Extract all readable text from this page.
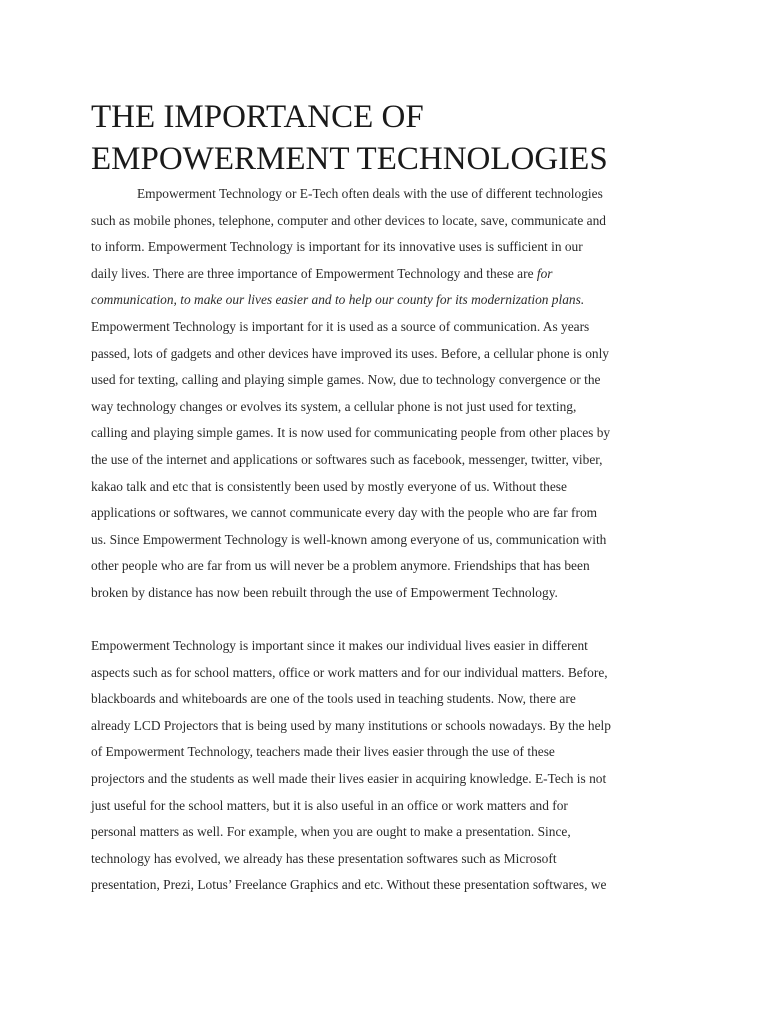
THE IMPORTANCE OF
EMPOWERMENT TECHNOLOGIES
Empowerment Technology or E-Tech often deals with the use of different technologies
such as mobile phones, telephone, computer and other devices to locate, save, communicate and
to inform. Empowerment Technology is important for its innovative uses is sufficient in our
daily lives. There are three importance of Empowerment Technology and these are for
communication, to make our lives easier and to help our county for its modernization plans.
Empowerment Technology is important for it is used as a source of communication. As years
passed, lots of gadgets and other devices have improved its uses. Before, a cellular phone is only
used for texting, calling and playing simple games. Now, due to technology convergence or the
way technology changes or evolves its system, a cellular phone is not just used for texting,
calling and playing simple games. It is now used for communicating people from other places by
the use of the internet and applications or softwares such as facebook, messenger, twitter, viber,
kakao talk and etc that is consistently been used by mostly everyone of us. Without these
applications or softwares, we cannot communicate every day with the people who are far from
us. Since Empowerment Technology is well-known among everyone of us, communication with
other people who are far from us will never be a problem anymore. Friendships that has been
broken by distance has now been rebuilt through the use of Empowerment Technology.
Empowerment Technology is important since it makes our individual lives easier in different
aspects such as for school matters, office or work matters and for our individual matters. Before,
blackboards and whiteboards are one of the tools used in teaching students. Now, there are
already LCD Projectors that is being used by many institutions or schools nowadays. By the help
of Empowerment Technology, teachers made their lives easier through the use of these
projectors and the students as well made their lives easier in acquiring knowledge. E-Tech is not
just useful for the school matters, but it is also useful in an office or work matters and for
personal matters as well. For example, when you are ought to make a presentation. Since,
technology has evolved, we already has these presentation softwares such as Microsoft
presentation, Prezi, Lotus’ Freelance Graphics and etc. Without these presentation softwares, we
